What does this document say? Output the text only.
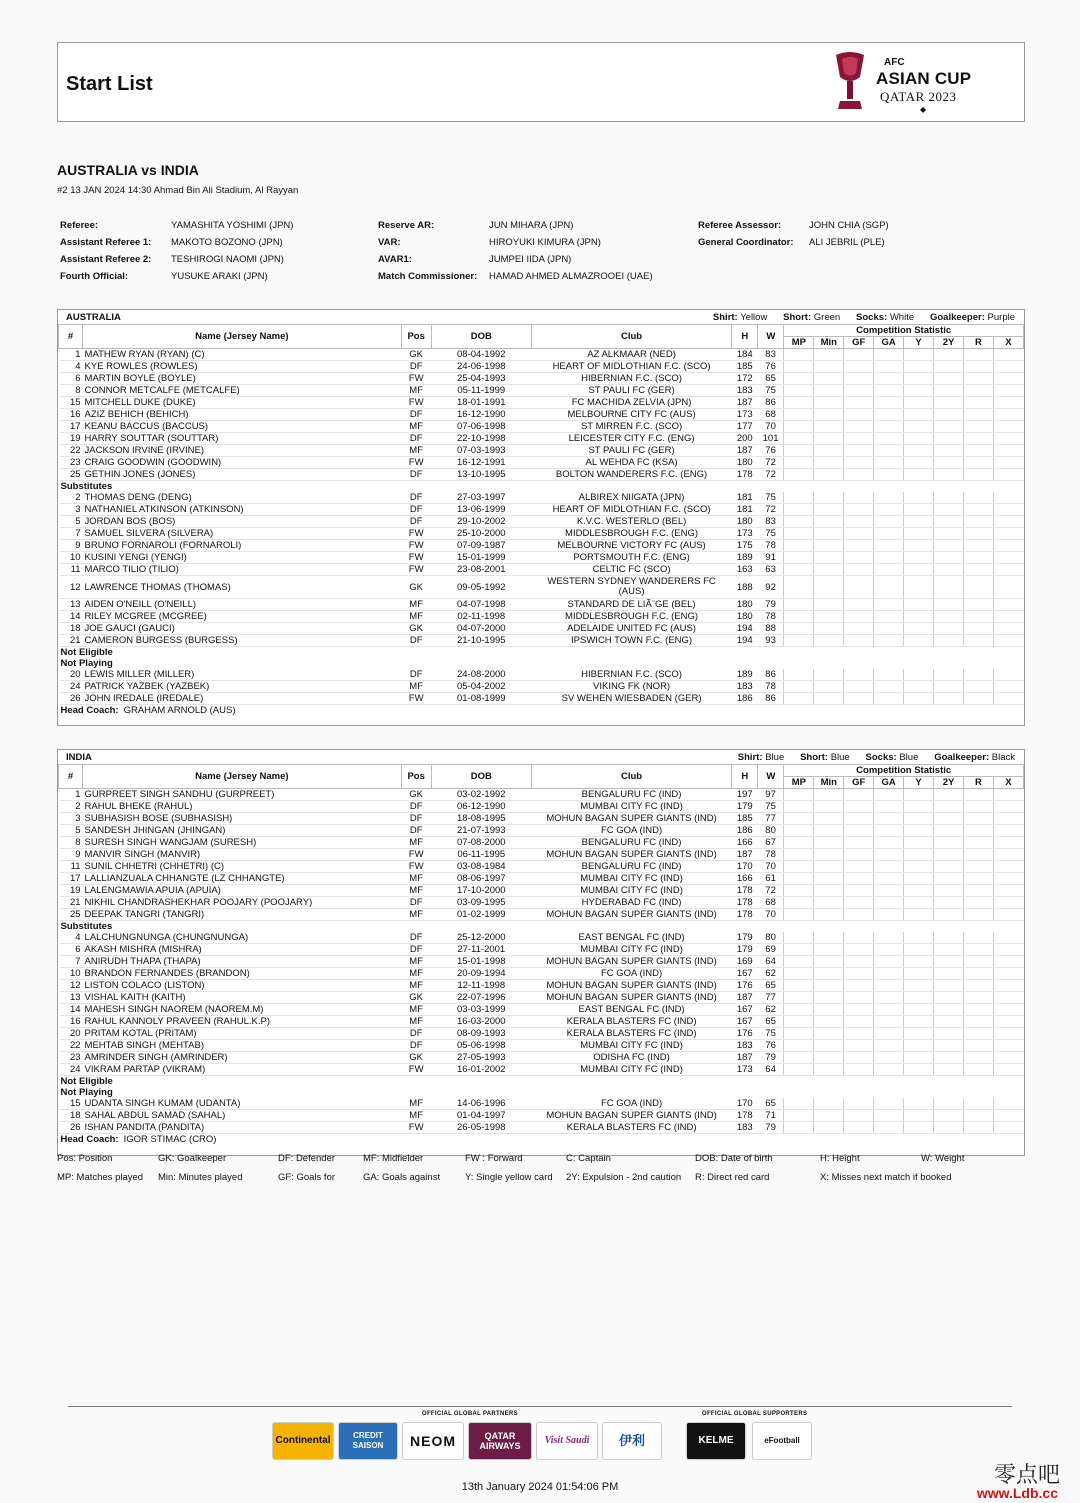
Start List
AFC
ASIAN CUP
QATAR 2023
◆
AUSTRALIA vs INDIA
#2 13 JAN 2024 14:30 Ahmad Bin Ali Stadium, Al Rayyan
Referee:	YAMASHITA YOSHIMI (JPN)
Assistant Referee 1: MAKOTO BOZONO (JPN)
Assistant Referee 2: TESHIROGI NAOMI (JPN)
Fourth Official:	YUSUKE ARAKI (JPN)
Reserve AR:	JUN MIHARA (JPN)
VAR:	HIROYUKI KIMURA (JPN)
AVAR1:	JUMPEI IIDA (JPN)
Match Commissioner: HAMAD AHMED ALMAZROOEI (UAE)
Referee Assessor:	JOHN CHIA (SGP)
General Coordinator: ALI JEBRIL (PLE)
AUSTRALIA	Shirt: Yellow Short: Green Socks: White Goalkeeper: Purple
#	Name (Jersey Name)	Pos	DOB	Club	H	W	Competition Statistic							
							MP	Min	GF	GA	Y	2Y	R	X
1	MATHEW RYAN (RYAN) (C)	GK	08-04-1992	AZ ALKMAAR (NED)	184	83								
4	KYE ROWLES (ROWLES)	DF	24-06-1998	HEART OF MIDLOTHIAN F.C. (SCO)	185	76								
6	MARTIN BOYLE (BOYLE)	FW	25-04-1993	HIBERNIAN F.C. (SCO)	172	65								
8	CONNOR METCALFE (METCALFE)	MF	05-11-1999	ST PAULI FC (GER)	183	75								
15	MITCHELL DUKE (DUKE)	FW	18-01-1991	FC MACHIDA ZELVIA (JPN)	187	86								
16	AZIZ BEHICH (BEHICH)	DF	16-12-1990	MELBOURNE CITY FC (AUS)	173	68								
17	KEANU BACCUS (BACCUS)	MF	07-06-1998	ST MIRREN F.C. (SCO)	177	70								
19	HARRY SOUTTAR (SOUTTAR)	DF	22-10-1998	LEICESTER CITY F.C. (ENG)	200	101								
22	JACKSON IRVINE (IRVINE)	MF	07-03-1993	ST PAULI FC (GER)	187	76								
23	CRAIG GOODWIN (GOODWIN)	FW	16-12-1991	AL WEHDA FC (KSA)	180	72								
25	GETHIN JONES (JONES)	DF	13-10-1995	BOLTON WANDERERS F.C. (ENG)	178	72								
Substitutes														
2	THOMAS DENG (DENG)	DF	27-03-1997	ALBIREX NIIGATA (JPN)	181	75								
3	NATHANIEL ATKINSON (ATKINSON)	DF	13-06-1999	HEART OF MIDLOTHIAN F.C. (SCO)	181	72								
5	JORDAN BOS (BOS)	DF	29-10-2002	K.V.C. WESTERLO (BEL)	180	83								
7	SAMUEL SILVERA (SILVERA)	FW	25-10-2000	MIDDLESBROUGH F.C. (ENG)	173	75								
9	BRUNO FORNAROLI (FORNAROLI)	FW	07-09-1987	MELBOURNE VICTORY FC (AUS)	175	78								
10	KUSINI YENGI (YENGI)	FW	15-01-1999	PORTSMOUTH F.C. (ENG)	189	91								
11	MARCO TILIO (TILIO)	FW	23-08-2001	CELTIC FC (SCO)	163	63								
12	LAWRENCE THOMAS (THOMAS)	GK	09-05-1992	WESTERN SYDNEY WANDERERS FC
(AUS)	188	92								
13	AIDEN O'NEILL (O'NEILL)	MF	04-07-1998	STANDARD DE LIÃ¨GE (BEL)	180	79								
14	RILEY MCGREE (MCGREE)	MF	02-11-1998	MIDDLESBROUGH F.C. (ENG)	180	78								
18	JOE GAUCI (GAUCI)	GK	04-07-2000	ADELAIDE UNITED FC (AUS)	194	88								
21	CAMERON BURGESS (BURGESS)	DF	21-10-1995	IPSWICH TOWN F.C. (ENG)	194	93								
Not Eligible														
Not Playing														
20	LEWIS MILLER (MILLER)	DF	24-08-2000	HIBERNIAN F.C. (SCO)	189	86								
24	PATRICK YAZBEK (YAZBEK)	MF	05-04-2002	VIKING FK (NOR)	183	78								
26	JOHN IREDALE (IREDALE)	FW	01-08-1999	SV WEHEN WIESBADEN (GER)	186	86								
Head Coach: GRAHAM ARNOLD (AUS)														
INDIA	Shirt: Blue Short: Blue Socks: Blue Goalkeeper: Black
#	Name (Jersey Name)	Pos	DOB	Club	H	W	Competition Statistic							
							MP	Min	GF	GA	Y	2Y	R	X
1	GURPREET SINGH SANDHU (GURPREET)	GK	03-02-1992	BENGALURU FC (IND)	197	97								
2	RAHUL BHEKE (RAHUL)	DF	06-12-1990	MUMBAI CITY FC (IND)	179	75								
3	SUBHASISH BOSE (SUBHASISH)	DF	18-08-1995	MOHUN BAGAN SUPER GIANTS (IND)	185	77								
5	SANDESH JHINGAN (JHINGAN)	DF	21-07-1993	FC GOA (IND)	186	80								
8	SURESH SINGH WANGJAM (SURESH)	MF	07-08-2000	BENGALURU FC (IND)	166	67								
9	MANVIR SINGH (MANVIR)	FW	06-11-1995	MOHUN BAGAN SUPER GIANTS (IND)	187	78								
11	SUNIL CHHETRI (CHHETRI) (C)	FW	03-08-1984	BENGALURU FC (IND)	170	70								
17	LALLIANZUALA CHHANGTE (LZ CHHANGTE)	MF	08-06-1997	MUMBAI CITY FC (IND)	166	61								
19	LALENGMAWIA APUIA (APUIA)	MF	17-10-2000	MUMBAI CITY FC (IND)	178	72								
21	NIKHIL CHANDRASHEKHAR POOJARY (POOJARY)	DF	03-09-1995	HYDERABAD FC (IND)	178	68								
25	DEEPAK TANGRI (TANGRI)	MF	01-02-1999	MOHUN BAGAN SUPER GIANTS (IND)	178	70								
Substitutes														
4	LALCHUNGNUNGA (CHUNGNUNGA)	DF	25-12-2000	EAST BENGAL FC (IND)	179	80								
6	AKASH MISHRA (MISHRA)	DF	27-11-2001	MUMBAI CITY FC (IND)	179	69								
7	ANIRUDH THAPA (THAPA)	MF	15-01-1998	MOHUN BAGAN SUPER GIANTS (IND)	169	64								
10	BRANDON FERNANDES (BRANDON)	MF	20-09-1994	FC GOA (IND)	167	62								
12	LISTON COLACO (LISTON)	MF	12-11-1998	MOHUN BAGAN SUPER GIANTS (IND)	176	65								
13	VISHAL KAITH (KAITH)	GK	22-07-1996	MOHUN BAGAN SUPER GIANTS (IND)	187	77								
14	MAHESH SINGH NAOREM (NAOREM.M)	MF	03-03-1999	EAST BENGAL FC (IND)	167	62								
16	RAHUL KANNOLY PRAVEEN (RAHUL.K.P)	MF	16-03-2000	KERALA BLASTERS FC (IND)	167	65								
20	PRITAM KOTAL (PRITAM)	DF	08-09-1993	KERALA BLASTERS FC (IND)	176	75								
22	MEHTAB SINGH (MEHTAB)	DF	05-06-1998	MUMBAI CITY FC (IND)	183	76								
23	AMRINDER SINGH (AMRINDER)	GK	27-05-1993	ODISHA FC (IND)	187	79								
24	VIKRAM PARTAP (VIKRAM)	FW	16-01-2002	MUMBAI CITY FC (IND)	173	64								
Not Eligible														
Not Playing														
15	UDANTA SINGH KUMAM (UDANTA)	MF	14-06-1996	FC GOA (IND)	170	65								
18	SAHAL ABDUL SAMAD (SAHAL)	MF	01-04-1997	MOHUN BAGAN SUPER GIANTS (IND)	178	71								
26	ISHAN PANDITA (PANDITA)	FW	26-05-1998	KERALA BLASTERS FC (IND)	183	79								
Head Coach: IGOR STIMAC (CRO)														
Pos: Position	GK: Goalkeeper	DF: Defender	MF: Midfielder	FW : Forward	C: Captain	DOB: Date of birth	H: Height	W: Weight
MP: Matches played Min: Minutes played	GF: Goals for	GA: Goals against	Y: Single yellow card 2Y: Expulsion - 2nd caution R: Direct red card	X: Misses next match if booked
OFFICIAL GLOBAL PARTNERS	OFFICIAL GLOBAL SUPPORTERS
Continental	CREDIT SAISON	NEOM	QATAR AIRWAYS	Visit Saudi	伊利	KELME	eFootball
13th January 2024 01:54:06 PM	零点吧
www.Ldb.cc
